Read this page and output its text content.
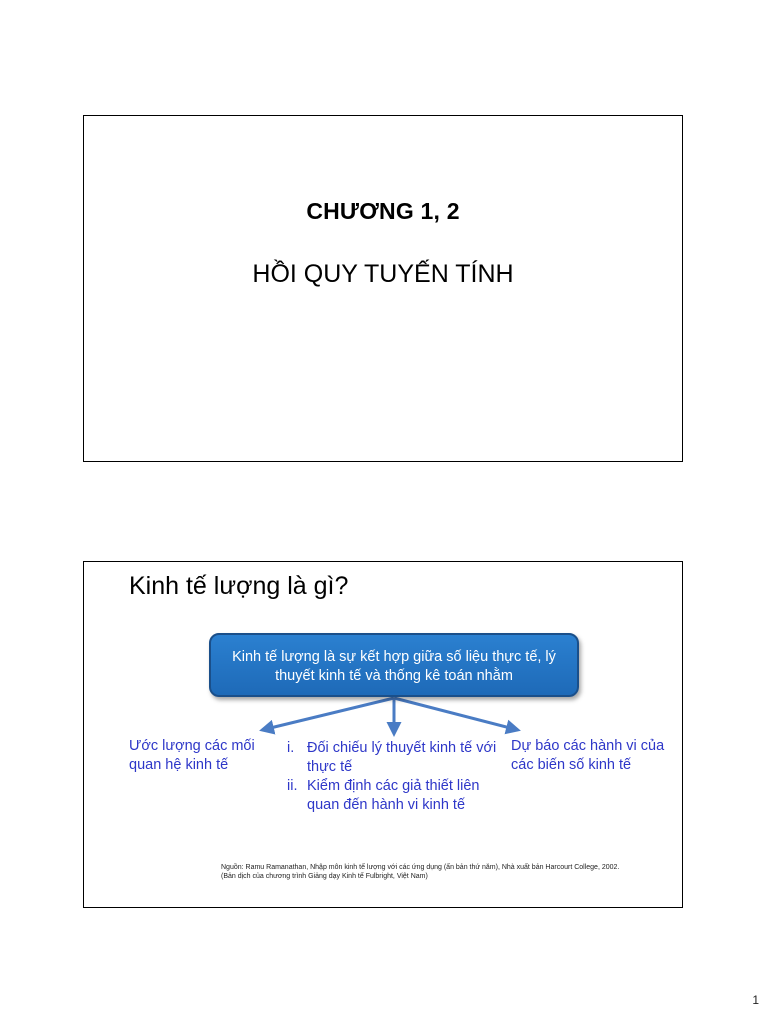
CHƯƠNG 1, 2
HỒI QUY TUYẾN TÍNH
Kinh tế lượng là gì?
Kinh tế lượng là sự kết hợp giữa số liệu thực tế, lý thuyết kinh tế và thống kê toán nhằm
Ước lượng các mối quan hệ kinh tế
i. Đối chiếu lý thuyết kinh tế với thực tế
ii. Kiểm định các giả thiết liên quan đến hành vi kinh tế
Dự báo các hành vi của các biến số kinh tế
Nguồn: Ramu Ramanathan, Nhập môn kinh tế lượng với các ứng dụng (ấn bản thứ năm), Nhà xuất bản Harcourt College, 2002.
(Bản dịch của chương trình Giảng dạy Kinh tế Fulbright, Việt Nam)
1
